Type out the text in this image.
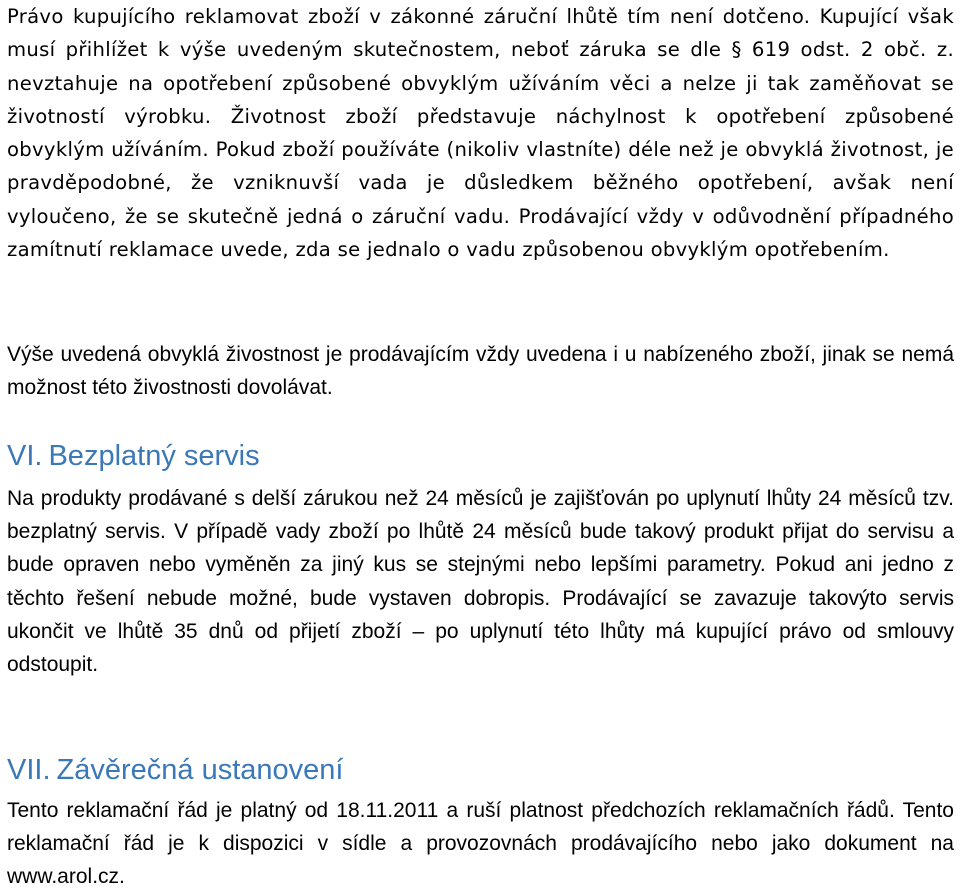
Právo kupujícího reklamovat zboží v zákonné záruční lhůtě tím není dotčeno. Kupující však musí přihlížet k výše uvedeným skutečnostem, neboť záruka se dle § 619 odst. 2 obč. z. nevztahuje na opotřebení způsobené obvyklým užíváním věci a nelze ji tak zaměňovat se životností výrobku. Životnost zboží představuje náchylnost k opotřebení způsobené obvyklým užíváním. Pokud zboží používáte (nikoliv vlastníte) déle než je obvyklá životnost, je pravděpodobné, že vzniknuvší vada je důsledkem běžného opotřebení, avšak není vyloučeno, že se skutečně jedná o záruční vadu. Prodávající vždy v odůvodnění případného zamítnutí reklamace uvede, zda se jednalo o vadu způsobenou obvyklým opotřebením.

Výše uvedená obvyklá živostnost je prodávajícím vždy uvedena i u nabízeného zboží, jinak se nemá možnost této živostnosti dovolávat.

VI. Bezplatný servis

Na produkty prodávané s delší zárukou než 24 měsíců je zajišťován po uplynutí lhůty 24 měsíců tzv. bezplatný servis. V případě vady zboží po lhůtě 24 měsíců bude takový produkt přijat do servisu a bude opraven nebo vyměněn za jiný kus se stejnými nebo lepšími parametry. Pokud ani jedno z těchto řešení nebude možné, bude vystaven dobropis. Prodávající se zavazuje takovýto servis ukončit ve lhůtě 35 dnů od přijetí zboží – po uplynutí této lhůty má kupující právo od smlouvy odstoupit.

VII. Závěrečná ustanovení

Tento reklamační řád je platný od 18.11.2011 a ruší platnost předchozích reklamačních řádů. Tento reklamační řád je k dispozici v sídle a provozovnách prodávajícího nebo jako dokument na www.arol.cz.
